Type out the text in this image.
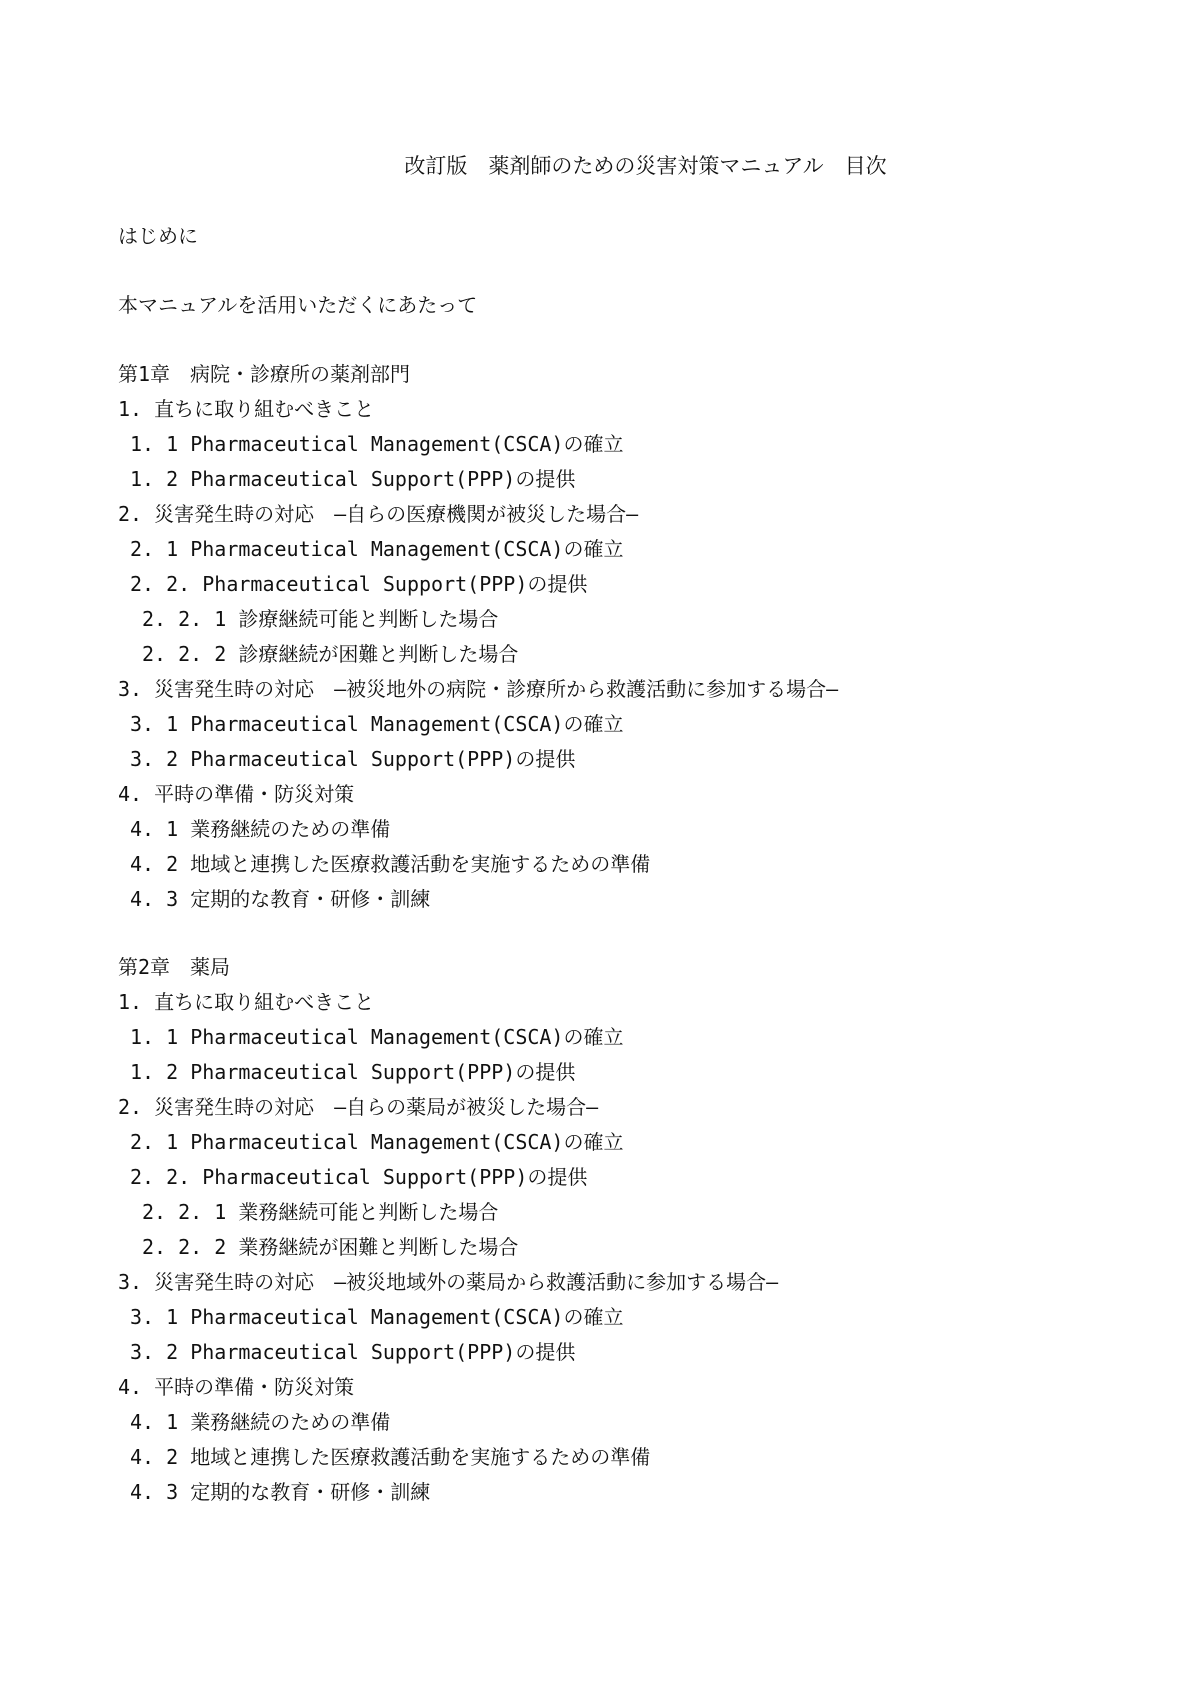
改訂版　薬剤師のための災害対策マニュアル　目次
はじめに
本マニュアルを活用いただくにあたって
第1章　病院・診療所の薬剤部門
1. 直ちに取り組むべきこと
1. 1 Pharmaceutical Management(CSCA)の確立
1. 2 Pharmaceutical Support(PPP)の提供
2. 災害発生時の対応　―自らの医療機関が被災した場合―
2. 1 Pharmaceutical Management(CSCA)の確立
2. 2. Pharmaceutical Support(PPP)の提供
2. 2. 1 診療継続可能と判断した場合
2. 2. 2 診療継続が困難と判断した場合
3. 災害発生時の対応　―被災地外の病院・診療所から救護活動に参加する場合―
3. 1 Pharmaceutical Management(CSCA)の確立
3. 2 Pharmaceutical Support(PPP)の提供
4. 平時の準備・防災対策
4. 1 業務継続のための準備
4. 2 地域と連携した医療救護活動を実施するための準備
4. 3 定期的な教育・研修・訓練
第2章　薬局
1. 直ちに取り組むべきこと
1. 1 Pharmaceutical Management(CSCA)の確立
1. 2 Pharmaceutical Support(PPP)の提供
2. 災害発生時の対応　―自らの薬局が被災した場合―
2. 1 Pharmaceutical Management(CSCA)の確立
2. 2. Pharmaceutical Support(PPP)の提供
2. 2. 1 業務継続可能と判断した場合
2. 2. 2 業務継続が困難と判断した場合
3. 災害発生時の対応　―被災地域外の薬局から救護活動に参加する場合―
3. 1 Pharmaceutical Management(CSCA)の確立
3. 2 Pharmaceutical Support(PPP)の提供
4. 平時の準備・防災対策
4. 1 業務継続のための準備
4. 2 地域と連携した医療救護活動を実施するための準備
4. 3 定期的な教育・研修・訓練
